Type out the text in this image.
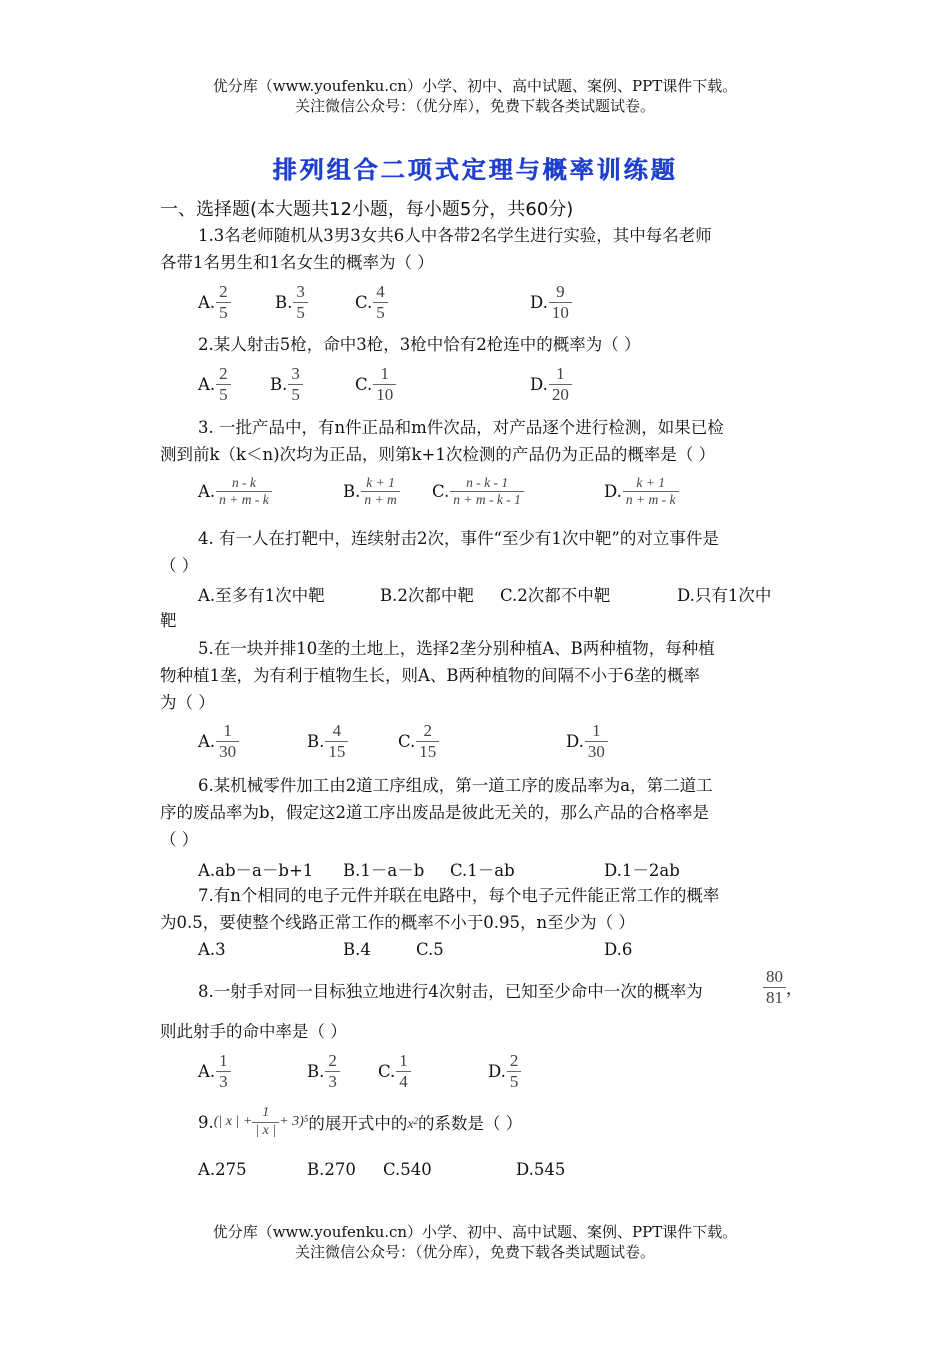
优分库（www.youfenku.cn）小学、初中、高中试题、案例、PPT课件下载。
关注微信公众号：（优分库），免费下载各类试题试卷。
排列组合二项式定理与概率训练题
一、选择题(本大题共12小题，每小题5分，共60分)
1.3名老师随机从3男3女共6人中各带2名学生进行实验，其中每名老师
各带1名男生和1名女生的概率为（ ）
A. $\frac{2}{5}$	B. $\frac{3}{5}$	C. $\frac{4}{5}$	D. $\frac{9}{10}$
2.某人射击5枪，命中3枪，3枪中恰有2枪连中的概率为（ ）
A. $\frac{2}{5} B$. $\frac{3}{5}$	C. $\frac{1}{10}$	D. $\frac{1}{20}$
3. 一批产品中，有n件正品和m件次品，对产品逐个进行检测，如果已检
测到前k（k＜n)次均为正品，则第k+1次检测的产品仍为正品的概率是（ ）
A. $\frac{n - k}{n + m - k}$	B. $\frac{k + 1}{n + m} C$. $\frac{n - k - 1}{n + m - k - 1}$	D. $\frac{k + 1}{n + m - k}$
4. 有一人在打靶中，连续射击2次，事件“至少有1次中靶”的对立事件是
（ ）
A.至多有1次中靶	B.2次都中靶 C.2次都不中靶	D.只有1次中
靶
5.在一块并排10垄的土地上，选择2垄分别种植A、B两种植物，每种植
物种植1垄，为有利于植物生长，则A、B两种植物的间隔不小于6垄的概率
为（ ）
A. $\frac{1}{30}$	B. $\frac{4}{15}$	C. $\frac{2}{15}$	D. $\frac{1}{30}$
6.某机械零件加工由2道工序组成，第一道工序的废品率为a，第二道工
序的废品率为b，假定这2道工序出废品是彼此无关的，那么产品的合格率是
（ ）
A.ab－a－b+1 B.1－a－b C.1－ab	D.1－2ab
7.有n个相同的电子元件并联在电路中，每个电子元件能正常工作的概率
为0.5，要使整个线路正常工作的概率不小于0.95，n至少为（ ）
A.3	B.4	C.5	D.6
8.一射手对同一目标独立地进行4次射击，已知至少命中一次的概率为	$\frac{80}{81}$ ，
则此射手的命中率是（ ）
A. $\frac{1}{3}$	B. $\frac{2}{3} C$. $\frac{1}{4}$	D. $\frac{2}{5}$
9. (| x | + $\frac{1}{| x |} + 3$) 5 的展开式中的 $x^2$ 的系数是（ ）
A.275	B.270 C.540	D.545
优分库（www.youfenku.cn）小学、初中、高中试题、案例、PPT课件下载。
关注微信公众号：（优分库），免费下载各类试题试卷。
